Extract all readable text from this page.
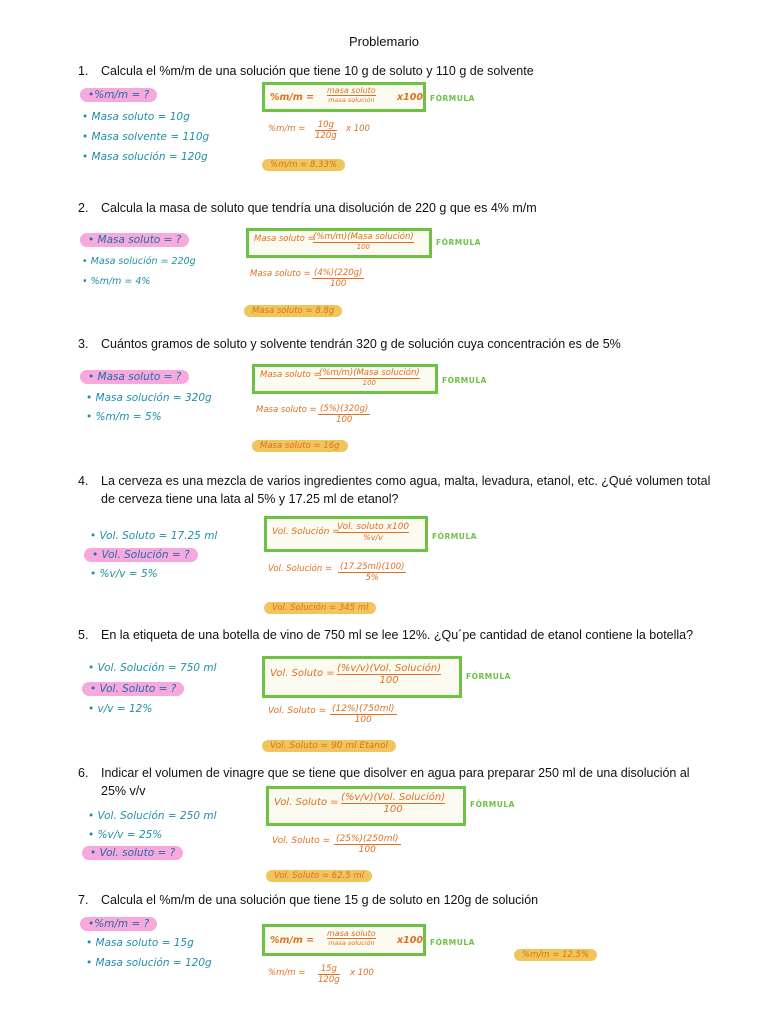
Problemario
1. Calcula el %m/m de una solución que tiene 10 g de soluto y 110 g de solvente
•%m/m = ?
• Masa soluto = 10g
• Masa solvente = 110g
• Masa solución = 120g
%m/m =
masa soluto
masa solución x100 FÓRMULA
$\%m/m = \frac{10g}{120g}$ x 100
%m/m = 8.33%
2. Calcula la masa de soluto que tendría una disolución de 220 g que es 4% m/m
• Masa soluto = ?
• Masa solución = 220g
• %m/m = 4%
Masa soluto =
(%m/m)(Masa solución)
100	FÓRMULA
Masa soluto = $\frac{(4\%)(220g)}{100}$
Masa soluto = 8.8g
3. Cuántos gramos de soluto y solvente tendrán 320 g de solución cuya concentración es de 5%
• Masa soluto = ?
• Masa solución = 320g
• %m/m = 5%
Masa soluto =
(%m/m)(Masa solución)
100	FÓRMULA
Masa soluto = $\frac{(5\%)(320g)}{100}$
Masa soluto = 16g
4. La cerveza es una mezcla de varios ingredientes como agua, malta, levadura, etanol, etc. ¿Qué volumen total de cerveza tiene una lata al 5% y 17.25 ml de etanol?
• Vol. Soluto = 17.25 ml
• Vol. Solución = ?
• %v/v = 5%
Vol. Solución =
Vol. soluto x100
%v/v	FÓRMULA
Vol. Solución = $\frac{(17.25ml)(100)}{5\%}$
Vol. Solución = 345 ml
5. En la etiqueta de una botella de vino de 750 ml se lee 12%. ¿Qu´pe cantidad de etanol contiene la botella?
• Vol. Solución = 750 ml
• Vol. Soluto = ?
• v/v = 12%
Vol. Soluto = (%v/v)(Vol. Solución)
100	FÓRMULA
Vol. Soluto = $\frac{(12\%)(750ml)}{100}$
Vol. Soluto = 90 ml Etanol
6. Indicar el volumen de vinagre que se tiene que disolver en agua para preparar 250 ml de una disolución al 25% v/v
• Vol. Solución = 250 ml
• %v/v = 25%
• Vol. soluto = ?
Vol. Soluto = (%v/v)(Vol. Solución)
100	FÓRMULA
Vol. Soluto = $\frac{(25\%)(250ml)}{100}$
Vol. Soluto = 62.5 ml
7. Calcula el %m/m de una solución que tiene 15 g de soluto en 120g de solución
•%m/m = ?
• Masa soluto = 15g
• Masa solución = 120g
%m/m =
masa soluto
masa solución x100 FÓRMULA
$\%m/m = \frac{15g}{120g}$ x 100
%m/m = 12.5%
